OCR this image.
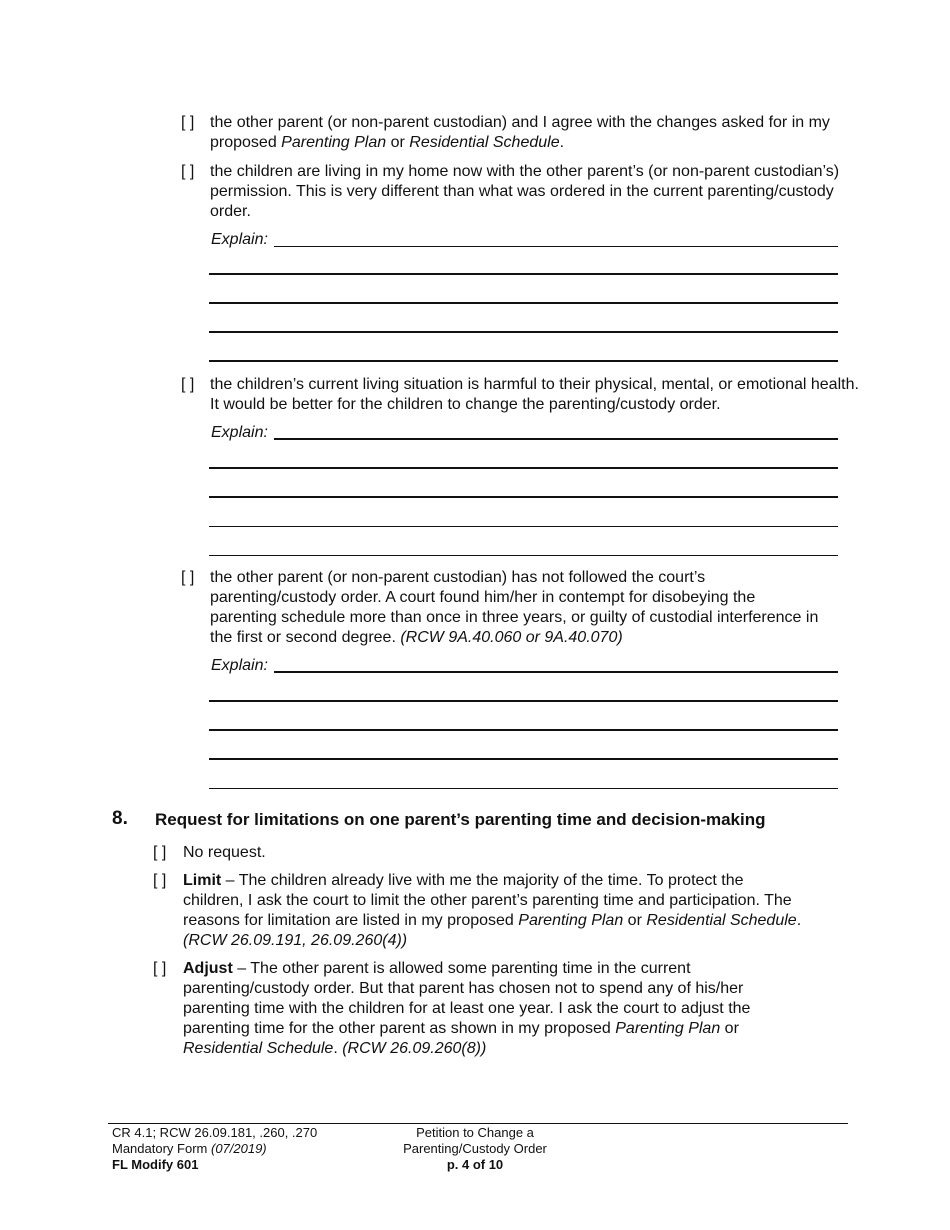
[ ] the other parent (or non-parent custodian) and I agree with the changes asked for in my proposed Parenting Plan or Residential Schedule.
[ ] the children are living in my home now with the other parent’s (or non-parent custodian’s) permission. This is very different than what was ordered in the current parenting/custody order.
Explain:
[ ] the children’s current living situation is harmful to their physical, mental, or emotional health. It would be better for the children to change the parenting/custody order.
Explain:
[ ] the other parent (or non-parent custodian) has not followed the court’s parenting/custody order. A court found him/her in contempt for disobeying the parenting schedule more than once in three years, or guilty of custodial interference in the first or second degree. (RCW 9A.40.060 or 9A.40.070)
Explain:
8. Request for limitations on one parent’s parenting time and decision-making
[ ] No request.
[ ] Limit – The children already live with me the majority of the time. To protect the children, I ask the court to limit the other parent’s parenting time and participation. The reasons for limitation are listed in my proposed Parenting Plan or Residential Schedule. (RCW 26.09.191, 26.09.260(4))
[ ] Adjust – The other parent is allowed some parenting time in the current parenting/custody order. But that parent has chosen not to spend any of his/her parenting time with the children for at least one year. I ask the court to adjust the parenting time for the other parent as shown in my proposed Parenting Plan or Residential Schedule. (RCW 26.09.260(8))
CR 4.1; RCW 26.09.181, .260, .270
Mandatory Form (07/2019)
FL Modify 601
Petition to Change a
Parenting/Custody Order
p. 4 of 10
